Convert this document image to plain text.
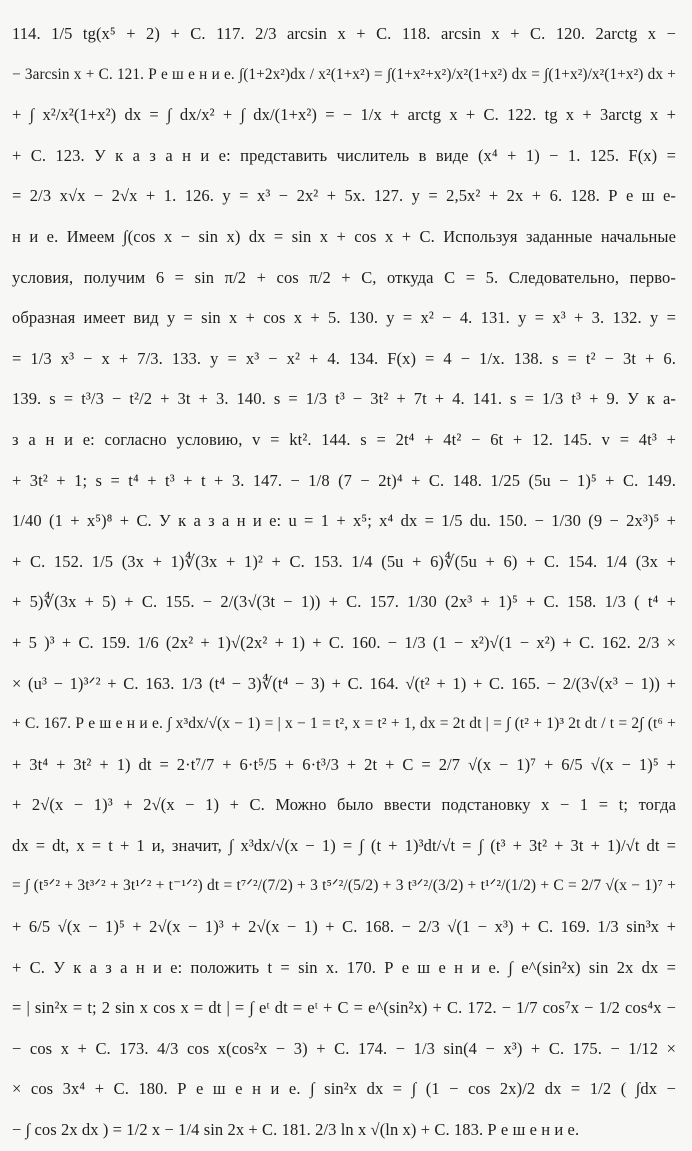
114. 1/5 tg(x⁵ + 2) + C. 117. 2/3 arcsin x + C. 118. arcsin x + C. 120. 2arctg x −
− 3arcsin x + C. 121. Р е ш е н и е. ∫(1+2x²)dx / x²(1+x²) = ∫(1+x²+x²)/x²(1+x²) dx = ∫(1+x²)/x²(1+x²) dx +
+ ∫ x²/x²(1+x²) dx = ∫ dx/x² + ∫ dx/(1+x²) = − 1/x + arctg x + C. 122. tg x + 3arctg x +
+ C. 123. У к а з а н и е: представить числитель в виде (x⁴ + 1) − 1. 125. F(x) =
= 2/3 x√x − 2√x + 1. 126. y = x³ − 2x² + 5x. 127. y = 2,5x² + 2x + 6. 128. Р е ш е-
н и е. Имеем ∫(cos x − sin x) dx = sin x + cos x + C. Используя заданные начальные
условия, получим 6 = sin π/2 + cos π/2 + C, откуда C = 5. Следовательно, перво-
образная имеет вид y = sin x + cos x + 5. 130. y = x² − 4. 131. y = x³ + 3. 132. y =
= 1/3 x³ − x + 7/3. 133. y = x³ − x² + 4. 134. F(x) = 4 − 1/x. 138. s = t² − 3t + 6.
139. s = t³/3 − t²/2 + 3t + 3. 140. s = 1/3 t³ − 3t² + 7t + 4. 141. s = 1/3 t³ + 9. У к а-
з а н и е: согласно условию, v = kt². 144. s = 2t⁴ + 4t² − 6t + 12. 145. v = 4t³ +
+ 3t² + 1; s = t⁴ + t³ + t + 3. 147. − 1/8 (7 − 2t)⁴ + C. 148. 1/25 (5u − 1)⁵ + C. 149.
1/40 (1 + x⁵)⁸ + C. У к а з а н и е: u = 1 + x⁵; x⁴ dx = 1/5 du. 150. − 1/30 (9 − 2x³)⁵ +
+ C. 152. 1/5 (3x + 1)∜(3x + 1)² + C. 153. 1/4 (5u + 6)∜(5u + 6) + C. 154. 1/4 (3x +
+ 5)∜(3x + 5) + C. 155. − 2/(3√(3t − 1)) + C. 157. 1/30 (2x³ + 1)⁵ + C. 158. 1/3 ( t⁴ +
+ 5 )³ + C. 159. 1/6 (2x² + 1)√(2x² + 1) + C. 160. − 1/3 (1 − x²)√(1 − x²) + C. 162. 2/3 ×
× (u³ − 1)³ᐟ² + C. 163. 1/3 (t⁴ − 3)∜(t⁴ − 3) + C. 164. √(t² + 1) + C. 165. − 2/(3√(x³ − 1)) +
+ C. 167. Р е ш е н и е. ∫ x³dx/√(x − 1) = | x − 1 = t², x = t² + 1, dx = 2t dt | = ∫ (t² + 1)³ 2t dt / t = 2∫ (t⁶ +
+ 3t⁴ + 3t² + 1) dt = 2·t⁷/7 + 6·t⁵/5 + 6·t³/3 + 2t + C = 2/7 √(x − 1)⁷ + 6/5 √(x − 1)⁵ +
+ 2√(x − 1)³ + 2√(x − 1) + C. Можно было ввести подстановку x − 1 = t; тогда
dx = dt, x = t + 1 и, значит, ∫ x³dx/√(x − 1) = ∫ (t + 1)³dt/√t = ∫ (t³ + 3t² + 3t + 1)/√t dt =
= ∫ (t⁵ᐟ² + 3t³ᐟ² + 3t¹ᐟ² + t⁻¹ᐟ²) dt = t⁷ᐟ²/(7/2) + 3 t⁵ᐟ²/(5/2) + 3 t³ᐟ²/(3/2) + t¹ᐟ²/(1/2) + C = 2/7 √(x − 1)⁷ +
+ 6/5 √(x − 1)⁵ + 2√(x − 1)³ + 2√(x − 1) + C. 168. − 2/3 √(1 − x³) + C. 169. 1/3 sin³x +
+ C. У к а з а н и е: положить t = sin x. 170. Р е ш е н и е. ∫ e^(sin²x) sin 2x dx =
= | sin²x = t; 2 sin x cos x = dt | = ∫ eᵗ dt = eᵗ + C = e^(sin²x) + C. 172. − 1/7 cos⁷x − 1/2 cos⁴x −
− cos x + C. 173. 4/3 cos x(cos²x − 3) + C. 174. − 1/3 sin(4 − x³) + C. 175. − 1/12 ×
× cos 3x⁴ + C. 180. Р е ш е н и е. ∫ sin²x dx = ∫ (1 − cos 2x)/2 dx = 1/2 ( ∫dx −
− ∫ cos 2x dx ) = 1/2 x − 1/4 sin 2x + C. 181. 2/3 ln x √(ln x) + C. 183. Р е ш е н и е.
